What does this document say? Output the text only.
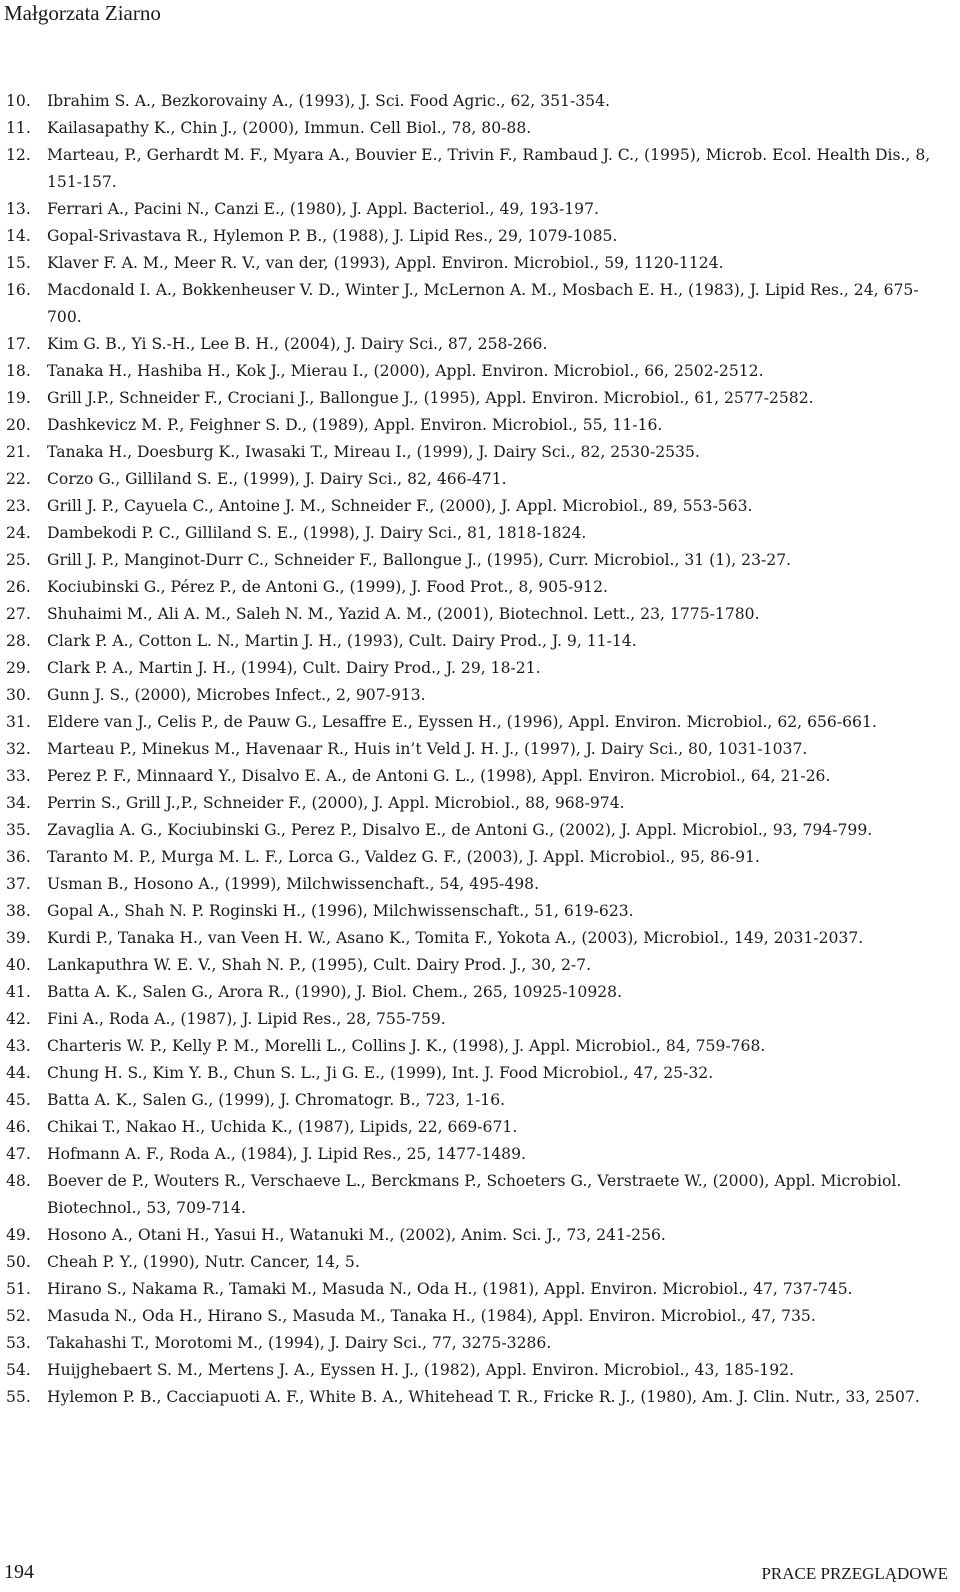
Małgorzata Ziarno
10.	Ibrahim S. A., Bezkorovainy A., (1993), J. Sci. Food Agric., 62, 351-354.
11.	Kailasapathy K., Chin J., (2000), Immun. Cell Biol., 78, 80-88.
12.	Marteau, P., Gerhardt M. F., Myara A., Bouvier E., Trivin F., Rambaud J. C., (1995), Microb. Ecol. Health Dis., 8, 151-157.
13.	Ferrari A., Pacini N., Canzi E., (1980), J. Appl. Bacteriol., 49, 193-197.
14.	Gopal-Srivastava R., Hylemon P. B., (1988), J. Lipid Res., 29, 1079-1085.
15.	Klaver F. A. M., Meer R. V., van der, (1993), Appl. Environ. Microbiol., 59, 1120-1124.
16.	Macdonald I. A., Bokkenheuser V. D., Winter J., McLernon A. M., Mosbach E. H., (1983), J. Lipid Res., 24, 675-700.
17.	Kim G. B., Yi S.-H., Lee B. H., (2004), J. Dairy Sci., 87, 258-266.
18.	Tanaka H., Hashiba H., Kok J., Mierau I., (2000), Appl. Environ. Microbiol., 66, 2502-2512.
19.	Grill J.P., Schneider F., Crociani J., Ballongue J., (1995), Appl. Environ. Microbiol., 61, 2577-2582.
20.	Dashkevicz M. P., Feighner S. D., (1989), Appl. Environ. Microbiol., 55, 11-16.
21.	Tanaka H., Doesburg K., Iwasaki T., Mireau I., (1999), J. Dairy Sci., 82, 2530-2535.
22.	Corzo G., Gilliland S. E., (1999), J. Dairy Sci., 82, 466-471.
23.	Grill J. P., Cayuela C., Antoine J. M., Schneider F., (2000), J. Appl. Microbiol., 89, 553-563.
24.	Dambekodi P. C., Gilliland S. E., (1998), J. Dairy Sci., 81, 1818-1824.
25.	Grill J. P., Manginot-Durr C., Schneider F., Ballongue J., (1995), Curr. Microbiol., 31 (1), 23-27.
26.	Kociubinski G., Pérez P., de Antoni G., (1999), J. Food Prot., 8, 905-912.
27.	Shuhaimi M., Ali A. M., Saleh N. M., Yazid A. M., (2001), Biotechnol. Lett., 23, 1775-1780.
28.	Clark P. A., Cotton L. N., Martin J. H., (1993), Cult. Dairy Prod., J. 9, 11-14.
29.	Clark P. A., Martin J. H., (1994), Cult. Dairy Prod., J. 29, 18-21.
30.	Gunn J. S., (2000), Microbes Infect., 2, 907-913.
31.	Eldere van J., Celis P., de Pauw G., Lesaffre E., Eyssen H., (1996), Appl. Environ. Microbiol., 62, 656-661.
32.	Marteau P., Minekus M., Havenaar R., Huis in’t Veld J. H. J., (1997), J. Dairy Sci., 80, 1031-1037.
33.	Perez P. F., Minnaard Y., Disalvo E. A., de Antoni G. L., (1998), Appl. Environ. Microbiol., 64, 21-26.
34.	Perrin S., Grill J.,P., Schneider F., (2000), J. Appl. Microbiol., 88, 968-974.
35.	Zavaglia A. G., Kociubinski G., Perez P., Disalvo E., de Antoni G., (2002), J. Appl. Microbiol., 93, 794-799.
36.	Taranto M. P., Murga M. L. F., Lorca G., Valdez G. F., (2003), J. Appl. Microbiol., 95, 86-91.
37.	Usman B., Hosono A., (1999), Milchwissenchaft., 54, 495-498.
38.	Gopal A., Shah N. P. Roginski H., (1996), Milchwissenschaft., 51, 619-623.
39.	Kurdi P., Tanaka H., van Veen H. W., Asano K., Tomita F., Yokota A., (2003), Microbiol., 149, 2031-2037.
40.	Lankaputhra W. E. V., Shah N. P., (1995), Cult. Dairy Prod. J., 30, 2-7.
41.	Batta A. K., Salen G., Arora R., (1990), J. Biol. Chem., 265, 10925-10928.
42.	Fini A., Roda A., (1987), J. Lipid Res., 28, 755-759.
43.	Charteris W. P., Kelly P. M., Morelli L., Collins J. K., (1998), J. Appl. Microbiol., 84, 759-768.
44.	Chung H. S., Kim Y. B., Chun S. L., Ji G. E., (1999), Int. J. Food Microbiol., 47, 25-32.
45.	Batta A. K., Salen G., (1999), J. Chromatogr. B., 723, 1-16.
46.	Chikai T., Nakao H., Uchida K., (1987), Lipids, 22, 669-671.
47.	Hofmann A. F., Roda A., (1984), J. Lipid Res., 25, 1477-1489.
48.	Boever de P., Wouters R., Verschaeve L., Berckmans P., Schoeters G., Verstraete W., (2000), Appl. Microbiol. Biotechnol., 53, 709-714.
49.	Hosono A., Otani H., Yasui H., Watanuki M., (2002), Anim. Sci. J., 73, 241-256.
50.	Cheah P. Y., (1990), Nutr. Cancer, 14, 5.
51.	Hirano S., Nakama R., Tamaki M., Masuda N., Oda H., (1981), Appl. Environ. Microbiol., 47, 737-745.
52.	Masuda N., Oda H., Hirano S., Masuda M., Tanaka H., (1984), Appl. Environ. Microbiol., 47, 735.
53.	Takahashi T., Morotomi M., (1994), J. Dairy Sci., 77, 3275-3286.
54.	Huijghebaert S. M., Mertens J. A., Eyssen H. J., (1982), Appl. Environ. Microbiol., 43, 185-192.
55.	Hylemon P. B., Cacciapuoti A. F., White B. A., Whitehead T. R., Fricke R. J., (1980), Am. J. Clin. Nutr., 33, 2507.
194	PRACE PRZEGLĄDOWE
